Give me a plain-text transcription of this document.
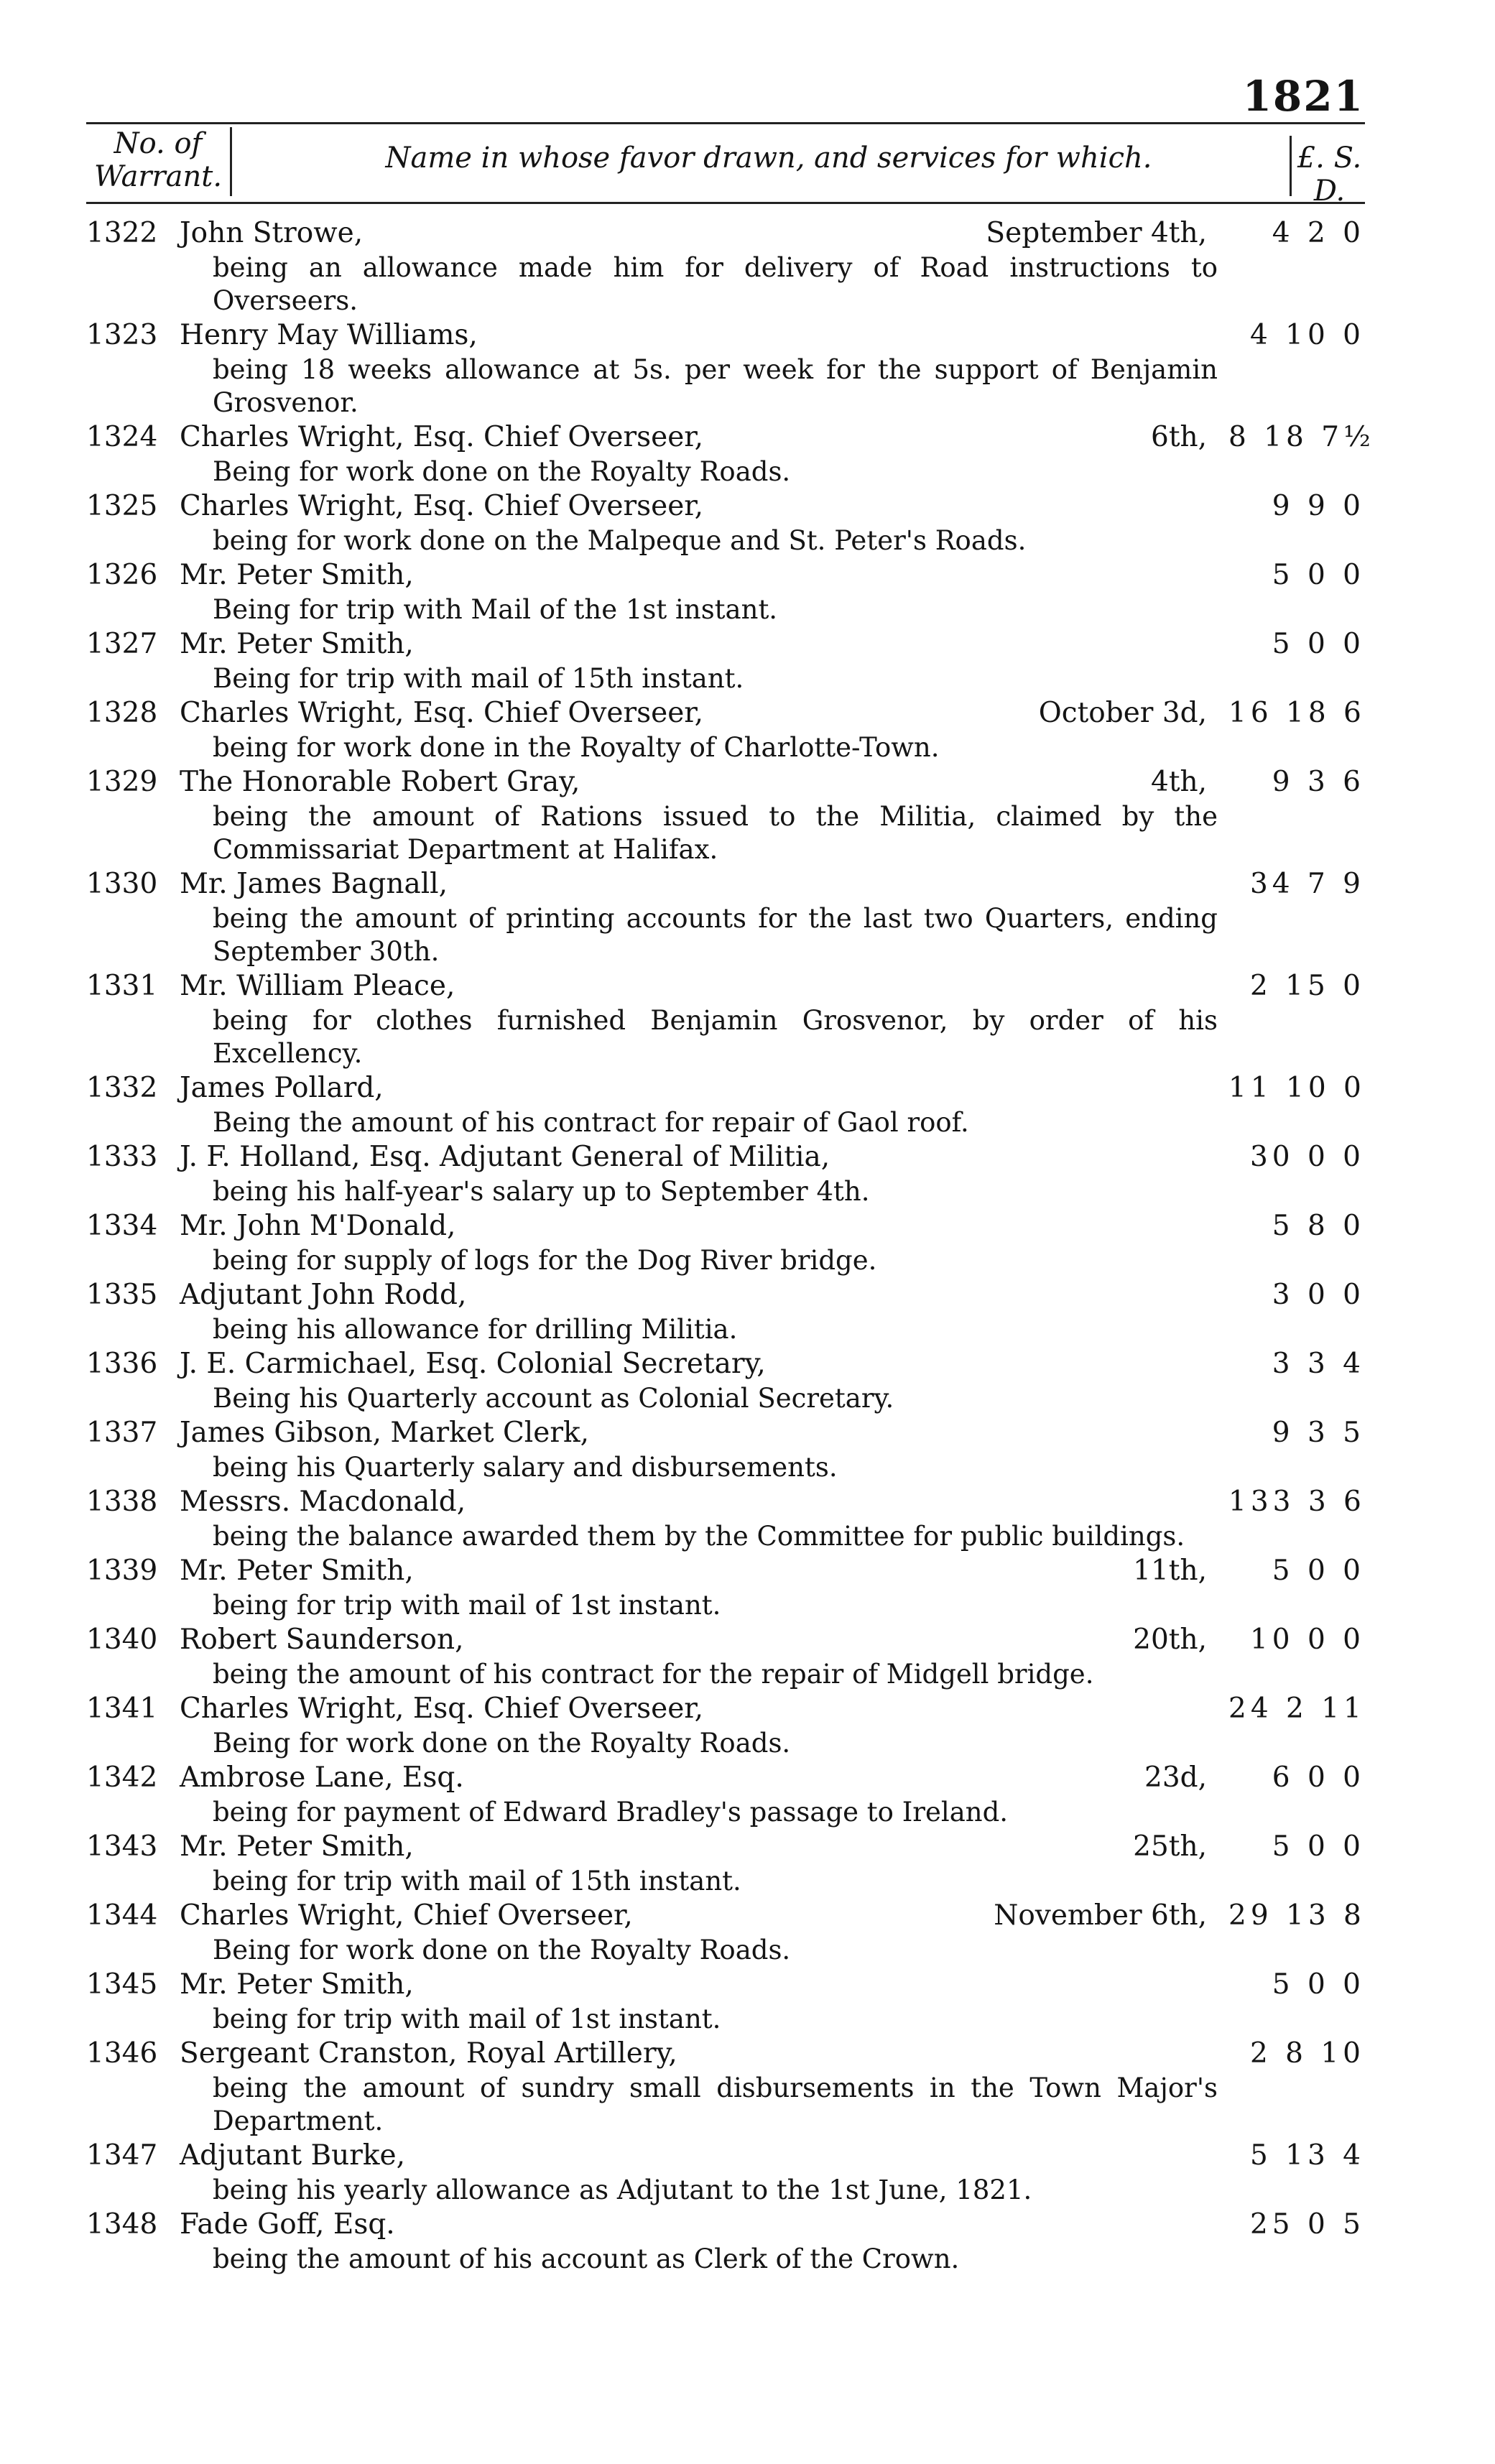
1821
No. of
Warrant.
Name in whose favor drawn, and services for which.	£. S. D.
1322 John Strowe,	September 4th,	4 2 0
being an allowance made him for delivery of Road instructions to Overseers.
1323 Henry May Williams,	4 10 0
being 18 weeks allowance at 5s. per week for the support of Benjamin Grosvenor.
1324 Charles Wright, Esq. Chief Overseer,	6th, 8 18 7½
Being for work done on the Royalty Roads.
1325 Charles Wright, Esq. Chief Overseer,	9 9 0
being for work done on the Malpeque and St. Peter's Roads.
1326 Mr. Peter Smith,	5 0 0
Being for trip with Mail of the 1st instant.
1327 Mr. Peter Smith,	5 0 0
Being for trip with mail of 15th instant.
1328 Charles Wright, Esq. Chief Overseer,	October 3d, 16 18 6
being for work done in the Royalty of Charlotte-Town.
1329 The Honorable Robert Gray,	4th,	9 3 6
being the amount of Rations issued to the Militia, claimed by the Commissariat Department at Halifax.
1330 Mr. James Bagnall,	34 7 9
being the amount of printing accounts for the last two Quarters, ending September 30th.
1331 Mr. William Pleace,	2 15 0
being for clothes furnished Benjamin Grosvenor, by order of his Excellency.
1332 James Pollard,	11 10 0
Being the amount of his contract for repair of Gaol roof.
1333 J. F. Holland, Esq. Adjutant General of Militia,	30 0 0
being his half-year's salary up to September 4th.
1334 Mr. John M'Donald,	5 8 0
being for supply of logs for the Dog River bridge.
1335 Adjutant John Rodd,	3 0 0
being his allowance for drilling Militia.
1336 J. E. Carmichael, Esq. Colonial Secretary,	3 3 4
Being his Quarterly account as Colonial Secretary.
1337 James Gibson, Market Clerk,	9 3 5
being his Quarterly salary and disbursements.
1338 Messrs. Macdonald,	133 3 6
being the balance awarded them by the Committee for public buildings.
1339 Mr. Peter Smith,	11th,	5 0 0
being for trip with mail of 1st instant.
1340 Robert Saunderson,	20th,	10 0 0
being the amount of his contract for the repair of Midgell bridge.
1341 Charles Wright, Esq. Chief Overseer,	24 2 11
Being for work done on the Royalty Roads.
1342 Ambrose Lane, Esq.	23d,	6 0 0
being for payment of Edward Bradley's passage to Ireland.
1343 Mr. Peter Smith,	25th,	5 0 0
being for trip with mail of 15th instant.
1344 Charles Wright, Chief Overseer,	November 6th, 29 13 8
Being for work done on the Royalty Roads.
1345 Mr. Peter Smith,	5 0 0
being for trip with mail of 1st instant.
1346 Sergeant Cranston, Royal Artillery,	2 8 10
being the amount of sundry small disbursements in the Town Major's Department.
1347 Adjutant Burke,	5 13 4
being his yearly allowance as Adjutant to the 1st June, 1821.
1348 Fade Goff, Esq.	25 0 5
being the amount of his account as Clerk of the Crown.
